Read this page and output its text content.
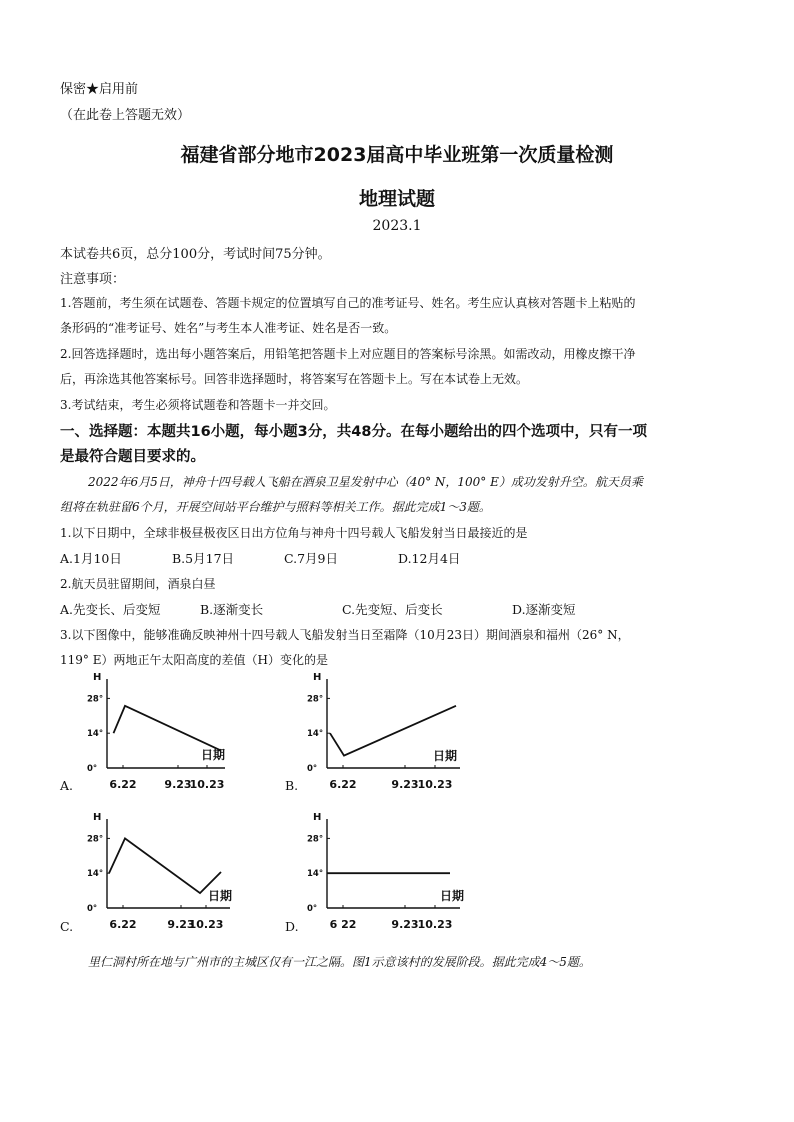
保密★启用前
（在此卷上答题无效）
福建省部分地市2023届高中毕业班第一次质量检测
地理试题
2023.1
本试卷共6页，总分100分，考试时间75分钟。
注意事项：
1.答题前，考生须在试题卷、答题卡规定的位置填写自己的准考证号、姓名。考生应认真核对答题卡上粘贴的
条形码的“准考证号、姓名”与考生本人准考证、姓名是否一致。
2.回答选择题时，选出每小题答案后，用铅笔把答题卡上对应题目的答案标号涂黑。如需改动，用橡皮擦干净
后，再涂选其他答案标号。回答非选择题时，将答案写在答题卡上。写在本试卷上无效。
3.考试结束，考生必须将试题卷和答题卡一并交回。
一、选择题：本题共16小题，每小题3分，共48分。在每小题给出的四个选项中，只有一项
是最符合题目要求的。
2022年6月5日，神舟十四号载人飞船在酒泉卫星发射中心（40° N，100° E）成功发射升空。航天员乘
组将在轨驻留6个月，开展空间站平台维护与照料等相关工作。据此完成1～3题。
1.以下日期中，全球非极昼极夜区日出方位角与神舟十四号载人飞船发射当日最接近的是
A.1月10日	B.5月17日	C.7月9日	D.12月4日
2.航天员驻留期间，酒泉白昼
A.先变长、后变短	B.逐渐变长	C.先变短、后变长	D.逐渐变短
3.以下图像中，能够准确反映神州十四号载人飞船发射当日至霜降（10月23日）期间酒泉和福州（26° N，
119° E）两地正午太阳高度的差值（H）变化的是
H
28°
14°
0°
6.22	9.23
10.23
日期
A.
H
28°
14°
0°
6.22	9.23 10.23
日期
B.
H
28°
14°
0°
6.22	9.23
10.23
日期
C.
H
28°
14°
0°
6 22	9.23 10.23
日期
D.
里仁洞村所在地与广州市的主城区仅有一江之隔。图1示意该村的发展阶段。据此完成4～5题。
